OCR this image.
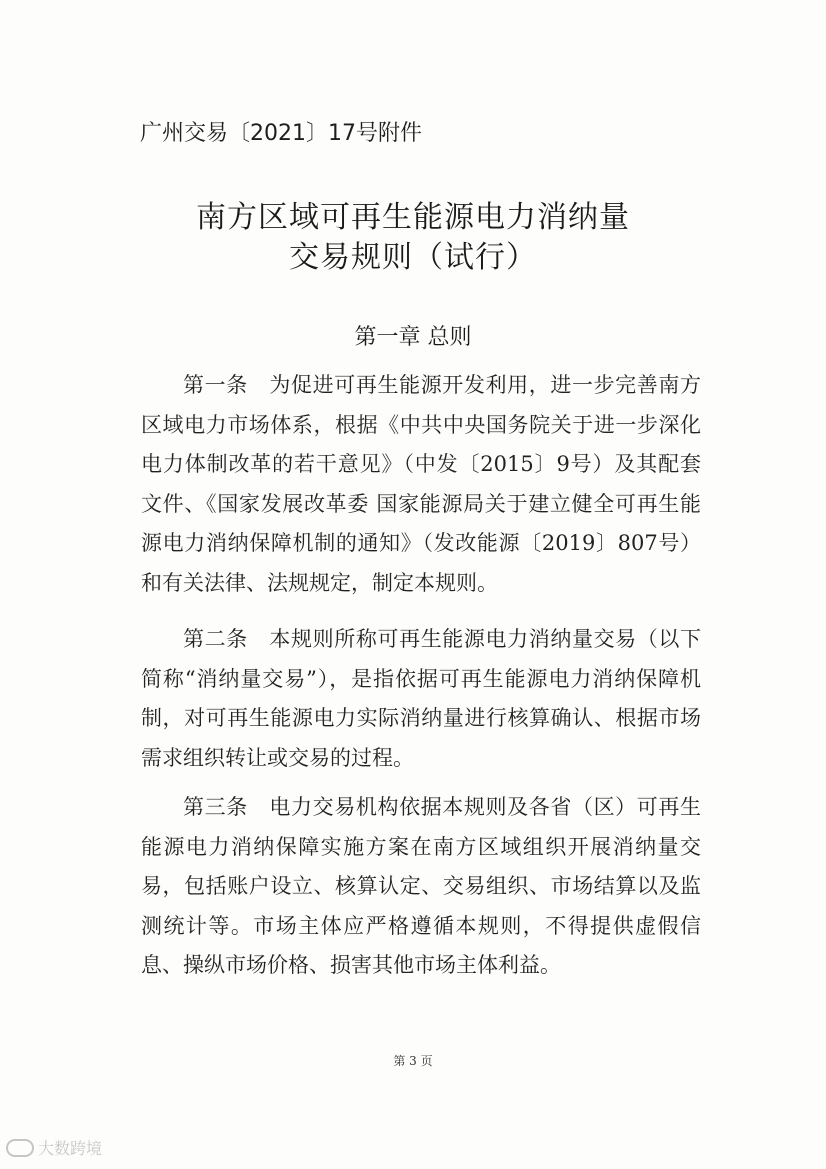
广州交易〔2021〕17号附件
南方区域可再生能源电力消纳量
交易规则（试行）
第一章 总则
第一条　为促进可再生能源开发利用，进一步完善南方区域电力市场体系，根据《中共中央国务院关于进一步深化电力体制改革的若干意见》（中发〔2015〕9号）及其配套文件、《国家发展改革委 国家能源局关于建立健全可再生能源电力消纳保障机制的通知》（发改能源〔2019〕807号）和有关法律、法规规定，制定本规则。
第二条　本规则所称可再生能源电力消纳量交易（以下简称“消纳量交易”），是指依据可再生能源电力消纳保障机制，对可再生能源电力实际消纳量进行核算确认、根据市场需求组织转让或交易的过程。
第三条　电力交易机构依据本规则及各省（区）可再生能源电力消纳保障实施方案在南方区域组织开展消纳量交易，包括账户设立、核算认定、交易组织、市场结算以及监测统计等。市场主体应严格遵循本规则，不得提供虚假信息、操纵市场价格、损害其他市场主体利益。
第 3 页
大数跨境
